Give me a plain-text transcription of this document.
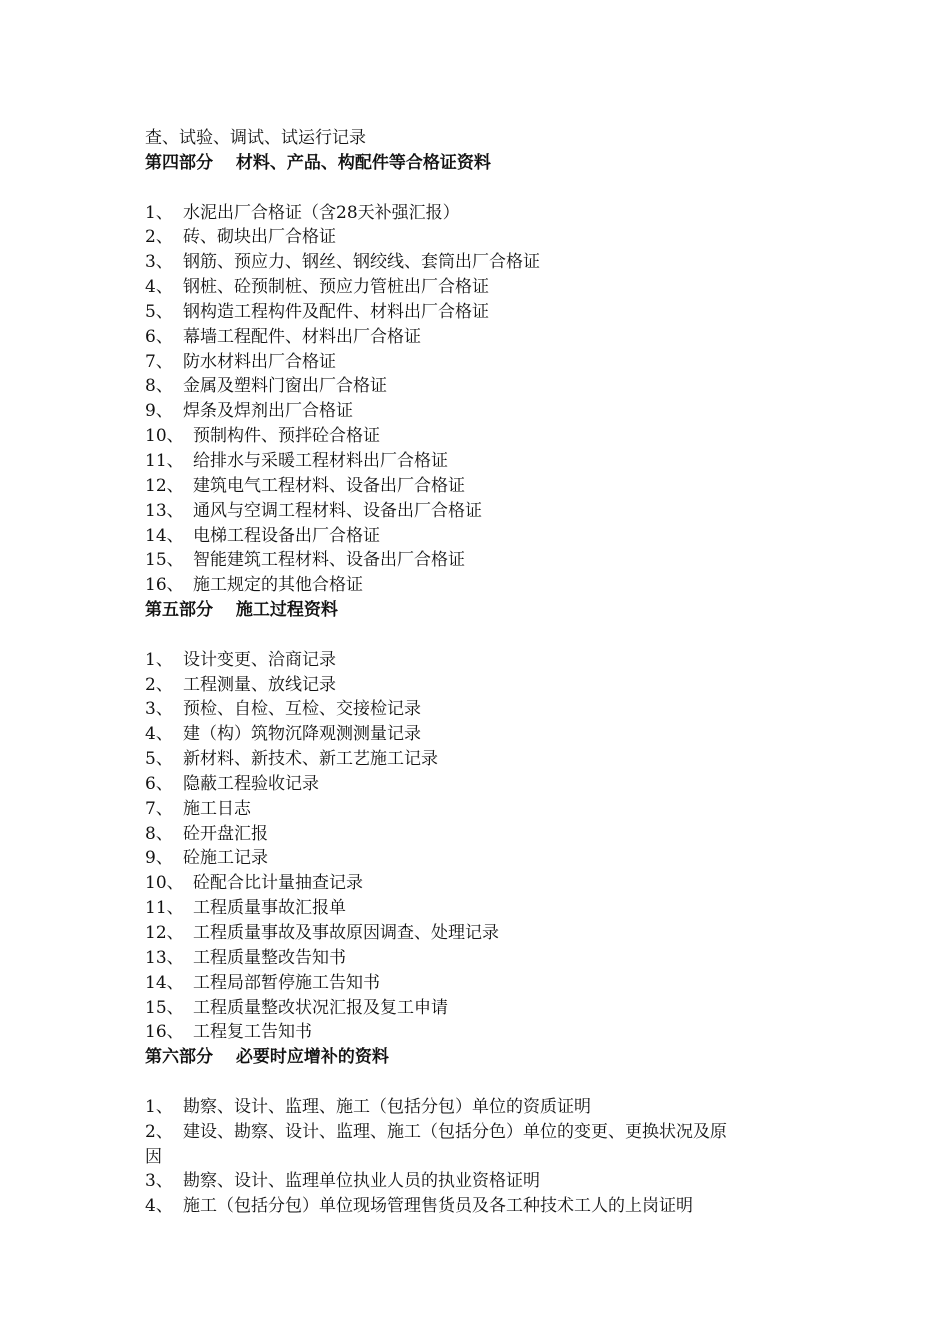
查、试验、调试、试运行记录
第四部分　 材料、产品、构配件等合格证资料
1、 水泥出厂合格证（含28天补强汇报）
2、 砖、砌块出厂合格证
3、 钢筋、预应力、钢丝、钢绞线、套筒出厂合格证
4、 钢桩、砼预制桩、预应力管桩出厂合格证
5、 钢构造工程构件及配件、材料出厂合格证
6、 幕墙工程配件、材料出厂合格证
7、 防水材料出厂合格证
8、 金属及塑料门窗出厂合格证
9、 焊条及焊剂出厂合格证
10、 预制构件、预拌砼合格证
11、 给排水与采暖工程材料出厂合格证
12、 建筑电气工程材料、设备出厂合格证
13、 通风与空调工程材料、设备出厂合格证
14、 电梯工程设备出厂合格证
15、 智能建筑工程材料、设备出厂合格证
16、 施工规定的其他合格证
第五部分　 施工过程资料
1、 设计变更、洽商记录
2、 工程测量、放线记录
3、 预检、自检、互检、交接检记录
4、 建（构）筑物沉降观测测量记录
5、 新材料、新技术、新工艺施工记录
6、 隐蔽工程验收记录
7、 施工日志
8、 砼开盘汇报
9、 砼施工记录
10、 砼配合比计量抽查记录
11、 工程质量事故汇报单
12、 工程质量事故及事故原因调查、处理记录
13、 工程质量整改告知书
14、 工程局部暂停施工告知书
15、 工程质量整改状况汇报及复工申请
16、 工程复工告知书
第六部分　 必要时应增补的资料
1、 勘察、设计、监理、施工（包括分包）单位的资质证明
2、 建设、勘察、设计、监理、施工（包括分色）单位的变更、更换状况及原
因
3、 勘察、设计、监理单位执业人员的执业资格证明
4、 施工（包括分包）单位现场管理售货员及各工种技术工人的上岗证明
